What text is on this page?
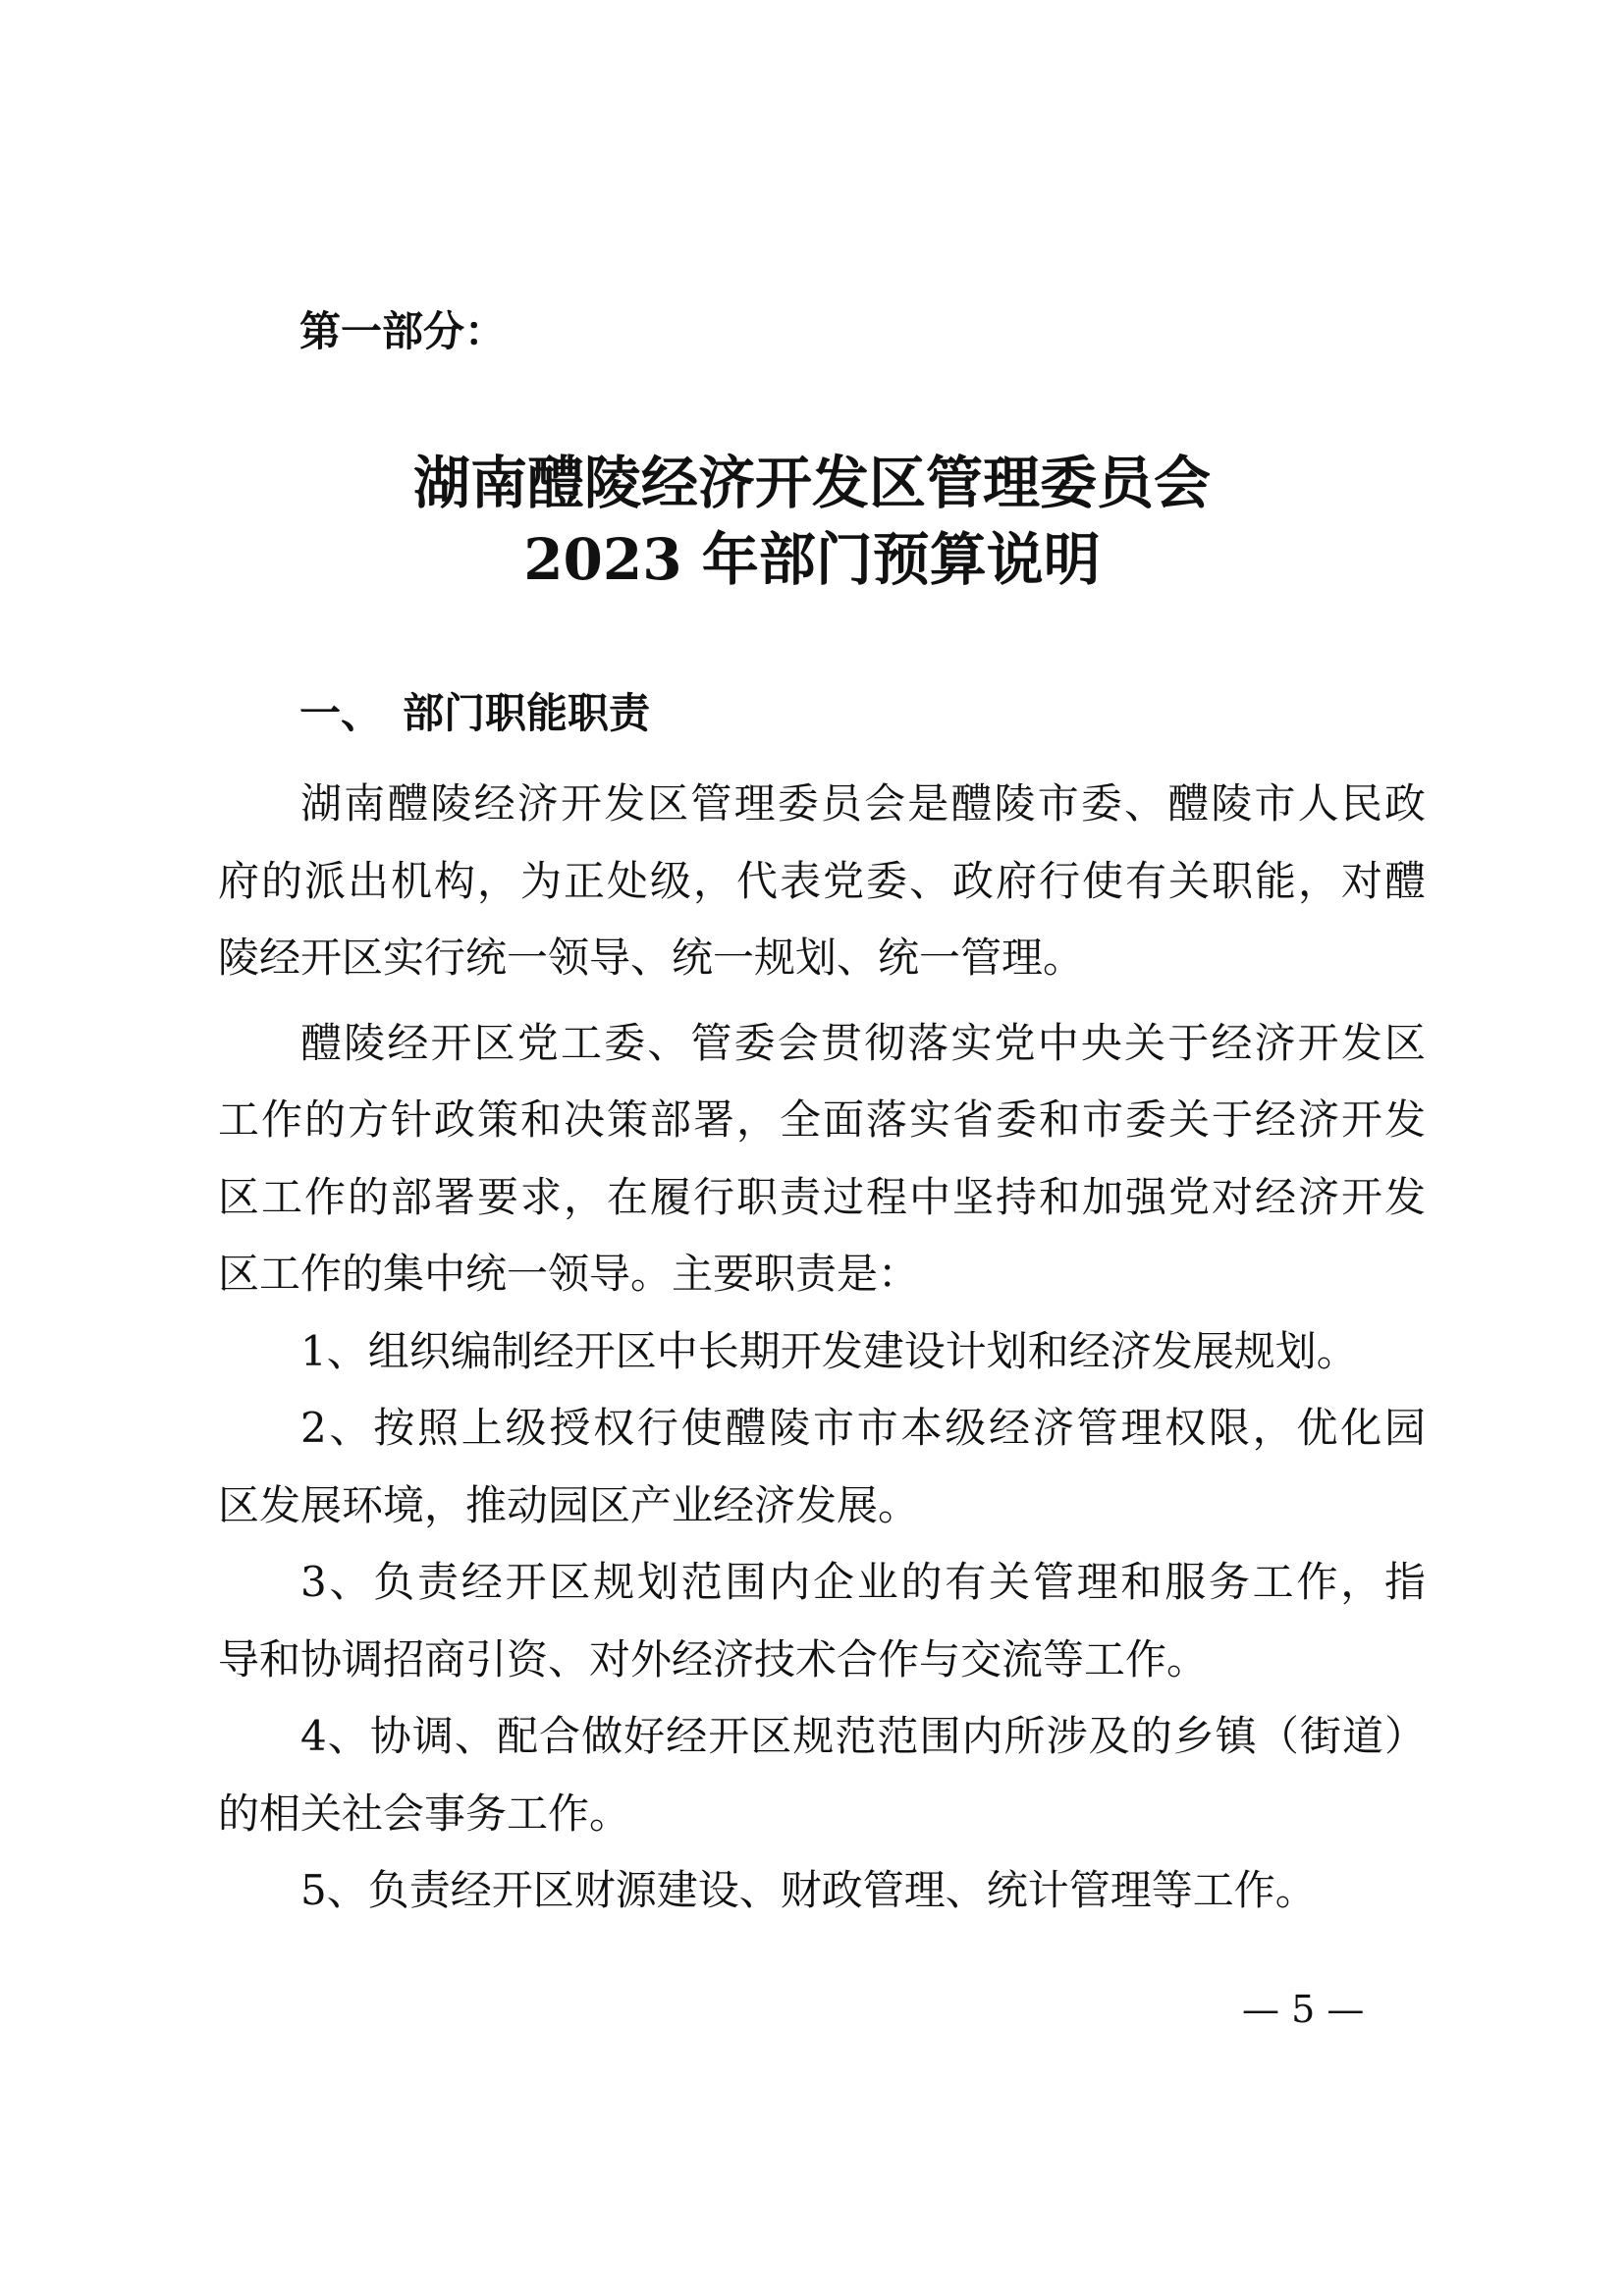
第一部分：
湖南醴陵经济开发区管理委员会
2023 年部门预算说明
一、 部门职能职责
湖南醴陵经济开发区管理委员会是醴陵市委、醴陵市人民政
府的派出机构，为正处级，代表党委、政府行使有关职能，对醴
陵经开区实行统一领导、统一规划、统一管理。
醴陵经开区党工委、管委会贯彻落实党中央关于经济开发区
工作的方针政策和决策部署，全面落实省委和市委关于经济开发
区工作的部署要求，在履行职责过程中坚持和加强党对经济开发
区工作的集中统一领导。主要职责是：
1、组织编制经开区中长期开发建设计划和经济发展规划。
2、按照上级授权行使醴陵市市本级经济管理权限，优化园
区发展环境，推动园区产业经济发展。
3、负责经开区规划范围内企业的有关管理和服务工作，指
导和协调招商引资、对外经济技术合作与交流等工作。
4、协调、配合做好经开区规范范围内所涉及的乡镇（街道）
的相关社会事务工作。
5、负责经开区财源建设、财政管理、统计管理等工作。
— 5 —
